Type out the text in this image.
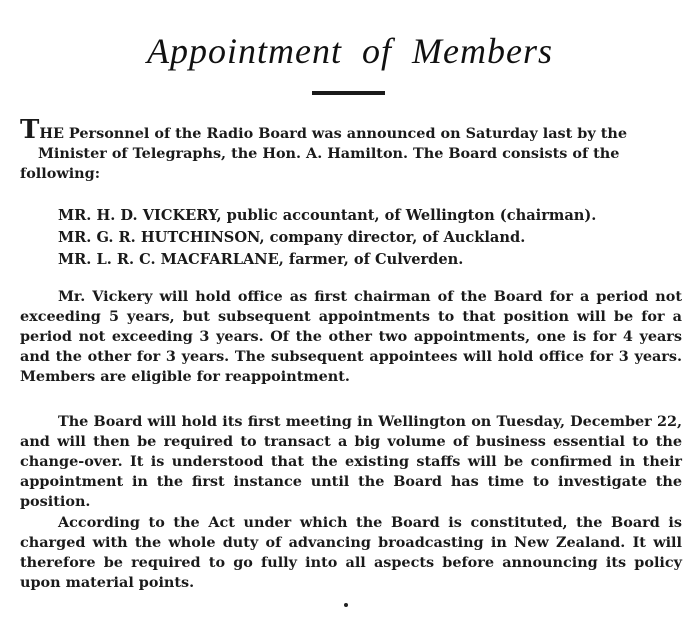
Appointment of Members
THE Personnel of the Radio Board was announced on Saturday last by the
Minister of Telegraphs, the Hon. A. Hamilton. The Board consists of the
following:
MR. H. D. VICKERY, public accountant, of Wellington (chairman).
MR. G. R. HUTCHINSON, company director, of Auckland.
MR. L. R. C. MACFARLANE, farmer, of Culverden.
Mr. Vickery will hold office as first chairman of the Board for a period not exceeding 5 years, but subsequent appointments to that position will be for a period not exceeding 3 years. Of the other two appointments, one is for 4 years and the other for 3 years. The subsequent appointees will hold office for 3 years. Members are eligible for reappointment.
The Board will hold its first meeting in Wellington on Tuesday, December 22, and will then be required to transact a big volume of business essential to the change-over. It is understood that the existing staffs will be confirmed in their appointment in the first instance until the Board has time to investigate the position.
According to the Act under which the Board is constituted, the Board is charged with the whole duty of advancing broadcasting in New Zealand. It will therefore be required to go fully into all aspects before announcing its policy upon material points.
